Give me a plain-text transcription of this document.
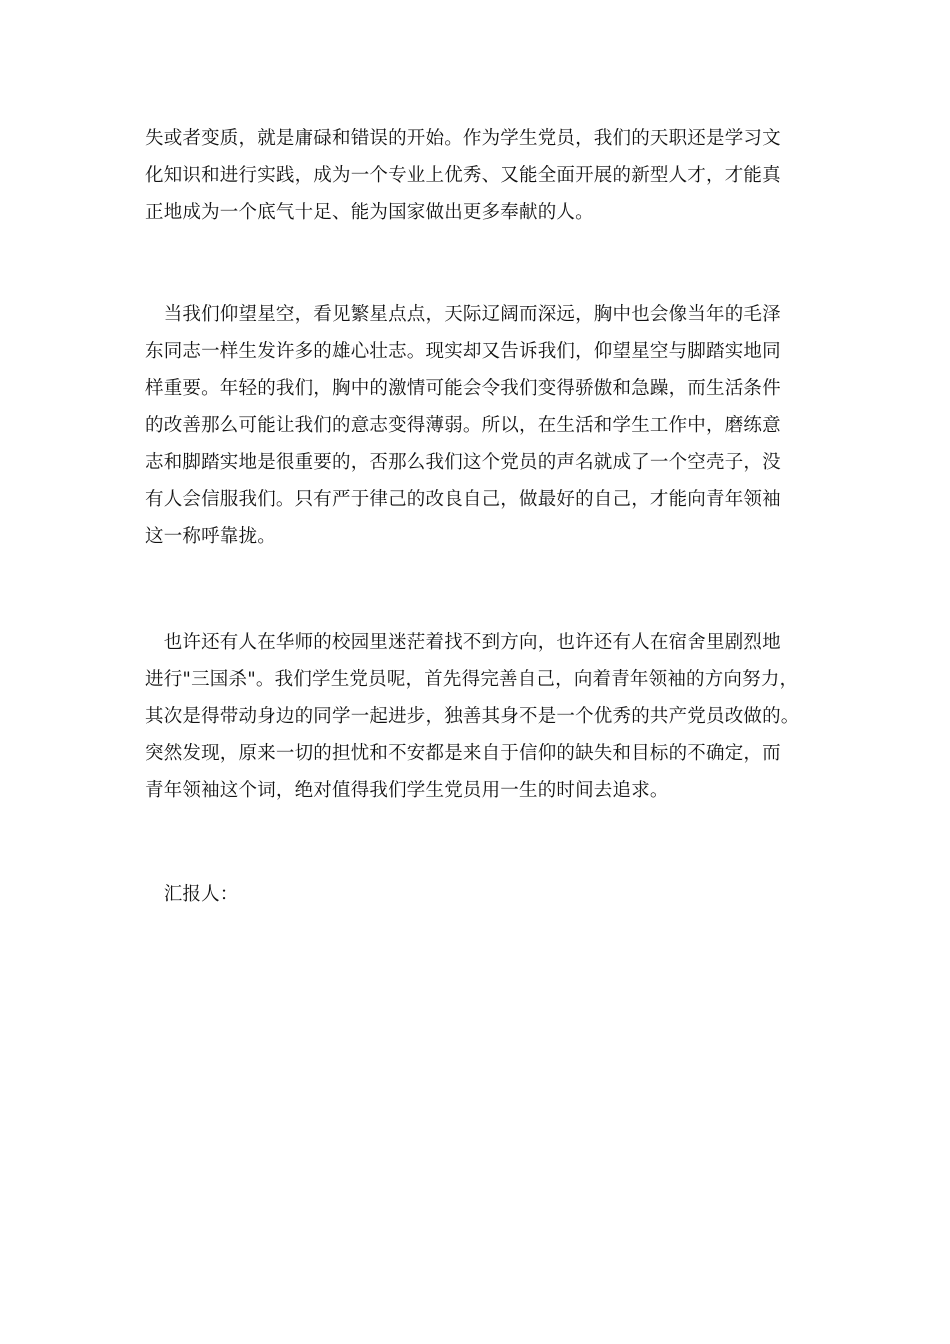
失或者变质，就是庸碌和错误的开始。作为学生党员，我们的天职还是学习文
化知识和进行实践，成为一个专业上优秀、又能全面开展的新型人才，才能真
正地成为一个底气十足、能为国家做出更多奉献的人。

　当我们仰望星空，看见繁星点点，天际辽阔而深远，胸中也会像当年的毛泽
东同志一样生发许多的雄心壮志。现实却又告诉我们，仰望星空与脚踏实地同
样重要。年轻的我们，胸中的激情可能会令我们变得骄傲和急躁，而生活条件
的改善那么可能让我们的意志变得薄弱。所以，在生活和学生工作中，磨练意
志和脚踏实地是很重要的，否那么我们这个党员的声名就成了一个空壳子，没
有人会信服我们。只有严于律己的改良自己，做最好的自己，才能向青年领袖
这一称呼靠拢。

　也许还有人在华师的校园里迷茫着找不到方向，也许还有人在宿舍里剧烈地
进行"三国杀"。我们学生党员呢，首先得完善自己，向着青年领袖的方向努力，
其次是得带动身边的同学一起进步，独善其身不是一个优秀的共产党员改做的。
突然发现，原来一切的担忧和不安都是来自于信仰的缺失和目标的不确定，而
青年领袖这个词，绝对值得我们学生党员用一生的时间去追求。

　汇报人：
